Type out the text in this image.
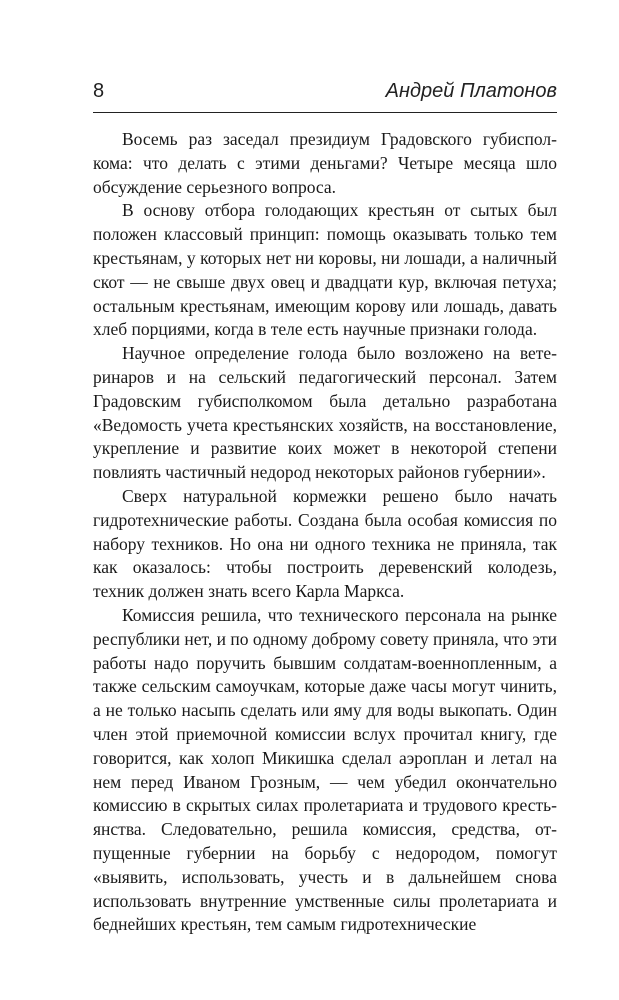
8	Андрей Платонов

Восемь раз заседал президиум Градовского губисполкома: что делать с этими деньгами? Четыре месяца шло обсуждение серьезного вопроса.

В основу отбора голодающих крестьян от сытых был положен классовый принцип: помощь оказывать только тем крестьянам, у которых нет ни коровы, ни лошади, а наличный скот — не свыше двух овец и двадцати кур, включая петуха; остальным крестьянам, имеющим корову или лошадь, давать хлеб порциями, когда в теле есть научные признаки голода.

Научное определение голода было возложено на ветеринаров и на сельский педагогический персонал. Затем Градовским губисполкомом была детально разработана «Ведомость учета крестьянских хозяйств, на восстановление, укрепление и развитие коих может в некоторой степени повлиять частичный недород некоторых районов губернии».

Сверх натуральной кормежки решено было начать гидротехнические работы. Создана была особая комиссия по набору техников. Но она ни одного техника не приняла, так как оказалось: чтобы построить деревенский колодезь, техник должен знать всего Карла Маркса.

Комиссия решила, что технического персонала на рынке республики нет, и по одному доброму совету приняла, что эти работы надо поручить бывшим солдатам-военнопленным, а также сельским самоучкам, которые даже часы могут чинить, а не только насыпь сделать или яму для воды выкопать. Один член этой приемочной комиссии вслух прочитал книгу, где говорится, как холоп Микишка сделал аэроплан и летал на нем перед Иваном Грозным, — чем убедил окончательно комиссию в скрытых силах пролетариата и трудового крестьянства. Следовательно, решила комиссия, средства, отпущенные губернии на борьбу с недородом, помогут «выявить, использовать, учесть и в дальнейшем снова использовать внутренние умственные силы пролетариата и беднейших крестьян, тем самым гидротехнические
